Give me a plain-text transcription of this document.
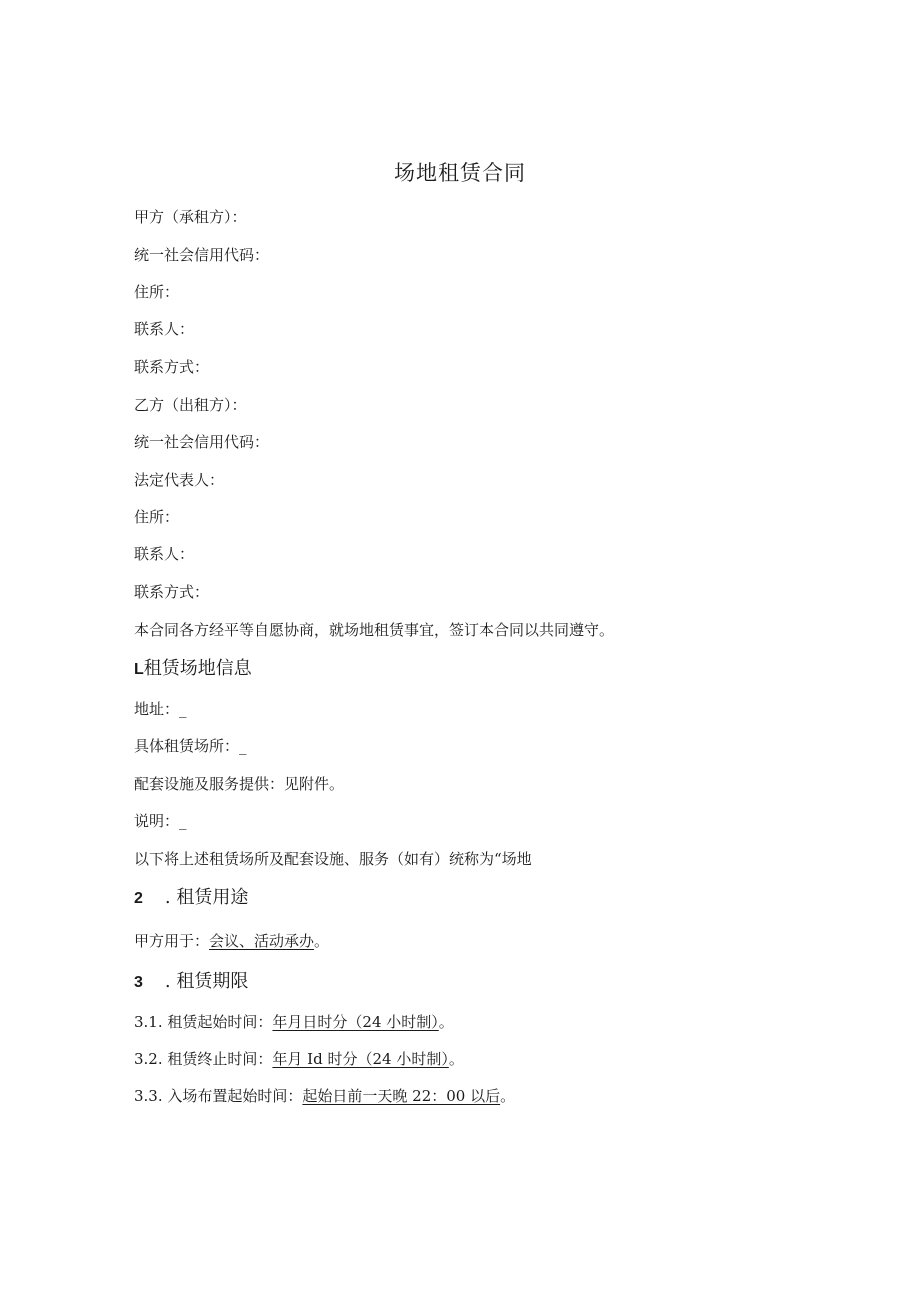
场地租赁合同
甲方（承租方）：
统一社会信用代码：
住所：
联系人：
联系方式：
乙方（出租方）：
统一社会信用代码：
法定代表人：
住所：
联系人：
联系方式：
本合同各方经平等自愿协商，就场地租赁事宜，签订本合同以共同遵守。
L租赁场地信息
地址：_
具体租赁场所：_
配套设施及服务提供：见附件。
说明：_
以下将上述租赁场所及配套设施、服务（如有）统称为“场地
2 . 租赁用途
甲方用于：会议、活动承办。
3 . 租赁期限
3.1. 租赁起始时间：年月日时分（24 小时制）。
3.2. 租赁终止时间：年月 Id 时分（24 小时制）。
3.3. 入场布置起始时间：起始日前一天晚 22：00 以后。
